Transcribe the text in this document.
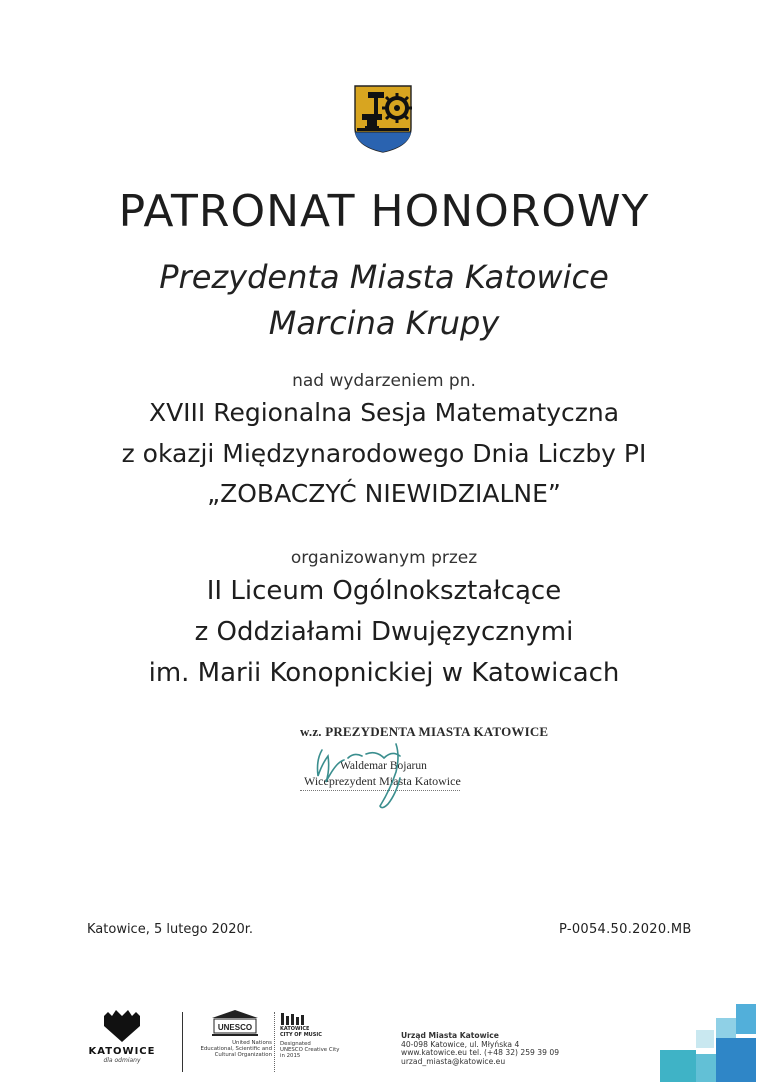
PATRONAT HONOROWY
Prezydenta Miasta Katowice
Marcina Krupy
nad wydarzeniem pn.
XVIII Regionalna Sesja Matematyczna
z okazji Międzynarodowego Dnia Liczby PI
„ZOBACZYĆ NIEWIDZIALNE”
organizowanym przez
II Liceum Ogólnokształcące
z Oddziałami Dwujęzycznymi
im. Marii Konopnickiej w Katowicach
w.z. PREZYDENTA MIASTA KATOWICE
Waldemar Bojarun
Wiceprezydent Miasta Katowice
Katowice, 5 lutego 2020r.	P-0054.50.2020.MB
KATOWICE
dla odmiany
UNESCO
United Nations
Educational, Scientific and
Cultural Organization
KATOWICE
CITY OF MUSIC
Designated
UNESCO Creative City
in 2015
Urząd Miasta Katowice
40-098 Katowice, ul. Młyńska 4
www.katowice.eu tel. (+48 32) 259 39 09
urzad_miasta@katowice.eu
